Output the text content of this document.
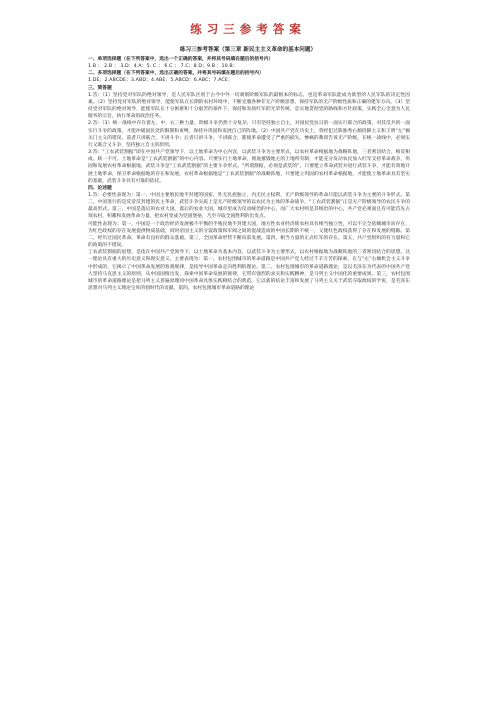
练习三参考答案
练习三参考答案（第三章 新民主主义革命的基本问题）

一、单项选择题（在下列答案中，选出一个正确的答案，并将其号码填在题后的括号内）

1.B ； 2.B ； 3.D；4.A；5. C ； 6.C ； 7.C；8.D；9.B ；10.B；

二、多项选择题（在下列答案中，选出正确的答案，并将其号码填在题后的括号内）

1.DE；2.ABCDE；3.ABD；4.ABE；5.ABCD；6.ABC；7.ACE；

三、简答题

1.答：（1）坚持党对军队的绝对领导，是人民军队区别于古今中外一切剥削阶级军队的最根本的标志，也是革命军队能成为新型的人民军队的决定性因素。（2）坚持党对军队的绝对领导，能使军队在长期的农村环境中，不断克服各种非无产阶级思想，保持军队的无产阶级性质和正确的建军方向。（3）坚持党对军队的绝对领导，能使军队在十分困难和十分艰苦的条件下，保持和发扬红军的光荣传统，忠实地贯彻党的路线和方针政策，实践全心全意为人民服务的宗旨，执行革命的政治任务。

2.答：（1）统一战线中存在着左、中、右三种力量，阶级斗争仍然十分复杂，只有坚持独立自主，对国民党抗日的一面实行联合的政策，对其反共的一面实行斗争的政策，才能冲破国民党的限制和束缚，保持并巩固和发展自己的阵地。（2）中国共产党在历史上，曾经犯过陈独秀右倾投降主义和王明“左”倾关门主义的错误，前者只讲联合，不讲斗争；后者只讲斗争，不讲联合，都使革命遭受了严重的损失。惨痛的教训告诉无产阶级，在统一战线中，必须实行又联合又斗争，坚持独立自主的原则。

3.答：“工农武装割据”即在中国共产党领导下，以土地革命为中心内容，以武装斗争为主要形式，以农村革命根据地为战略阵地，三者密切结合，相反相成。缺一不可。土地革命是“工农武装割据”的中心内容。只要实行土地革命，彻底摧毁地主的土地所有制，才能充分发动农民加入红军支持革命战争，巩固和发展农村革命根据地。武装斗争是“工农武装割据”的主要斗争形式。“所谓割据，必须是武装的”。只要建立革命武装并进行武装斗争，才能有效地开展土地革命，保卫革命根据地的存在和发展。农村革命根据地是“工农武装割据”的战略阵地，只要建立巩固的农村革命根据地，才能使土地革命具有坚实的基础，武装斗争具有可靠的依托。

四、论述题

1.答：必要性表现为：第一，中国主要殖民地半封建的国家，外无民族独立，内无民主权利，无产阶级领导的革命只能以武装斗争为主要的斗争形式。第二，中国进行的是反帝反封建的民主革命，武装斗争实质上是无产阶级领导的以农民为主体的革命战争，“工农武装割据”正是无产阶级领导的农民斗争的最高形式。第三，中国是落后的农业大国，落后的农业大国，城市里成为反动统治的中心，而广大农村则是其统治的中心，共产党必须面且有可能首先占领农村，积蓄和发展革命力量，把农村变成为坚固堡垒，乃至夺取全国胜利的出发点。

可能性表现为：第一，中国是一个政治经济发展极不平衡的半殖民地半封建大国，地方性农业经济使农村具有相当独立性，可以不完全依赖城市而存在，为红色政权的存在发展提供物质基础，同时帝国主义的分裂政策和军阀之间的混战造成的中国长期的不统一，又使红色政权获得了存在和发展的缝隙。第二，经历过国民革命，革命有良好的群众基础。第三，全国革命形势不断向前发展。第四，相当力量的正式红军的存在。第五，共产党组织的有力量和它的政策的不错误。

工农武装割据的思想，是指在中国共产党领导下，以土地革命为基本内容，以武装斗争为主要形式，以农村根据地为战略阵地的三者密切结合的思想。这一理论具有重大的历史意义和现实意义，主要表现为：第一，农村包围城市的革命道路是中国共产党人经过千辛万苦的探索，在与“左”右倾机会主义斗争中形成的，它揭示了中国革命发展的客观规律，是指导中国革命走向胜利的理论。第二，农村包围城市的革命道路理论，是以毛泽东为代表的中国共产党人坚持马克思主义的原则，从中国国情出发，探索中国革命发展的规律，它带有强烈的求实和实践精神，是马列主义中国化的重要成果。第三，农村包围城市的革命道路理论是把马列主义普遍原理同中国革命具体实践相结合的典范。它以新的结论丰富和发展了马列主义关于武装夺取政权的学说，是毛泽东思想对马列主义理论宝库的划时代的贡献。第四，农村包围城市革命道路的理论
